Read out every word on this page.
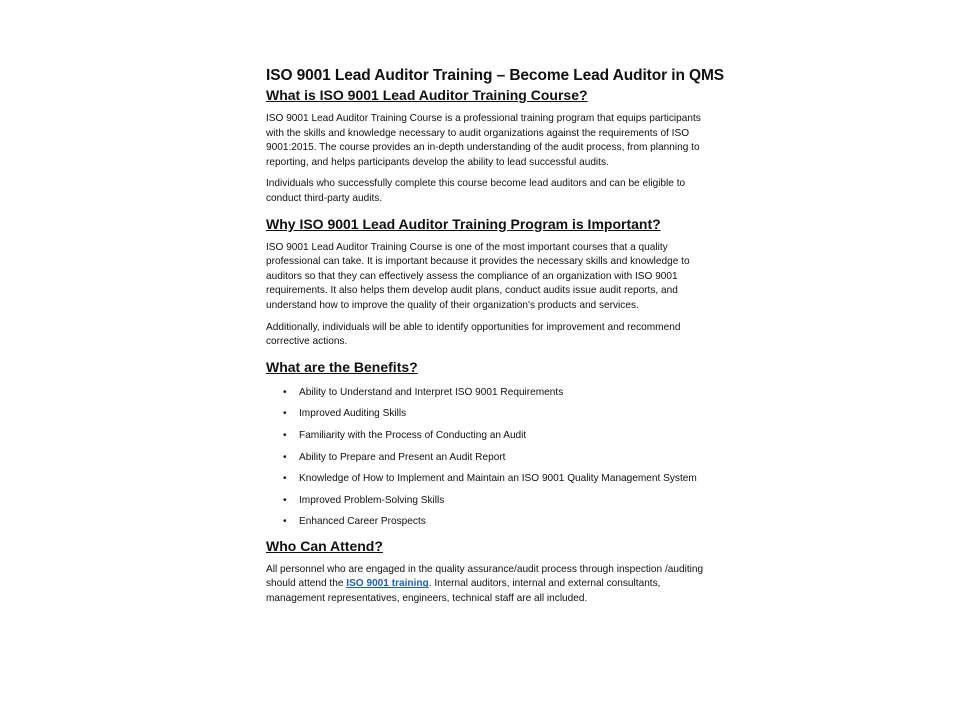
ISO 9001 Lead Auditor Training – Become Lead Auditor in QMS
What is ISO 9001 Lead Auditor Training Course?

ISO 9001 Lead Auditor Training Course is a professional training program that equips participants with the skills and knowledge necessary to audit organizations against the requirements of ISO 9001:2015. The course provides an in-depth understanding of the audit process, from planning to reporting, and helps participants develop the ability to lead successful audits.

Individuals who successfully complete this course become lead auditors and can be eligible to conduct third-party audits.

Why ISO 9001 Lead Auditor Training Program is Important?

ISO 9001 Lead Auditor Training Course is one of the most important courses that a quality professional can take. It is important because it provides the necessary skills and knowledge to auditors so that they can effectively assess the compliance of an organization with ISO 9001 requirements. It also helps them develop audit plans, conduct audits issue audit reports, and understand how to improve the quality of their organization's products and services.

Additionally, individuals will be able to identify opportunities for improvement and recommend corrective actions.

What are the Benefits?
• Ability to Understand and Interpret ISO 9001 Requirements
• Improved Auditing Skills
• Familiarity with the Process of Conducting an Audit
• Ability to Prepare and Present an Audit Report
• Knowledge of How to Implement and Maintain an ISO 9001 Quality Management System
• Improved Problem-Solving Skills
• Enhanced Career Prospects
Who Can Attend?

All personnel who are engaged in the quality assurance/audit process through inspection /auditing should attend the ISO 9001 training. Internal auditors, internal and external consultants, management representatives, engineers, technical staff are all included.
